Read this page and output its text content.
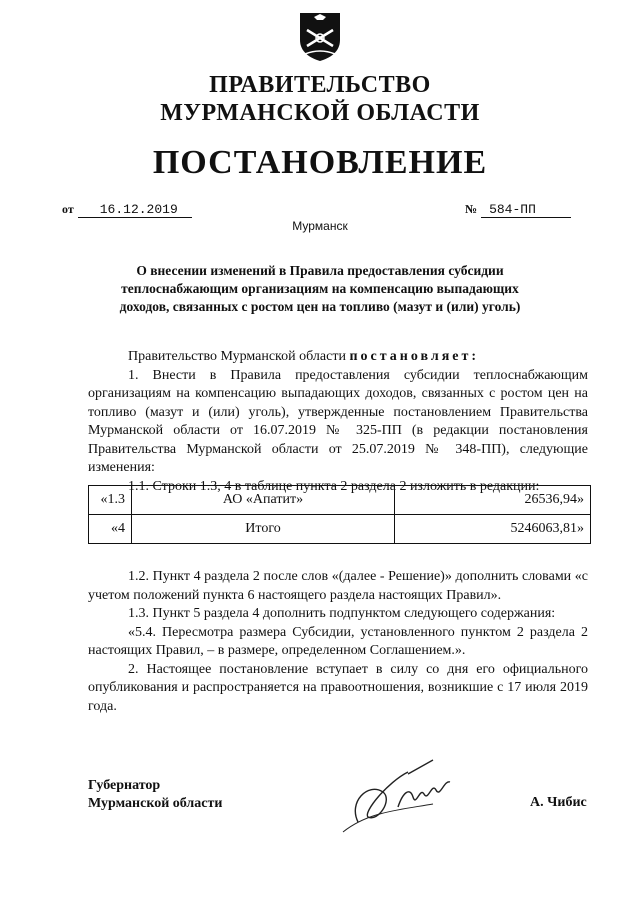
ПРАВИТЕЛЬСТВО
МУРМАНСКОЙ ОБЛАСТИ
ПОСТАНОВЛЕНИЕ
от 16.12.2019	№ 584-ПП
Мурманск
О внесении изменений в Правила предоставления субсидии
теплоснабжающим организациям на компенсацию выпадающих
доходов, связанных с ростом цен на топливо (мазут и (или) уголь)

Правительство Мурманской области постановляет:

1. Внести в Правила предоставления субсидии теплоснабжающим организациям на компенсацию выпадающих доходов, связанных с ростом цен на топливо (мазут и (или) уголь), утвержденные постановлением Правительства Мурманской области от 16.07.2019 № 325-ПП (в редакции постановления Правительства Мурманской области от 25.07.2019 № 348-ПП), следующие изменения:

1.1. Строки 1.3, 4 в таблице пункта 2 раздела 2 изложить в редакции:

«1.3	АО «Апатит»	26536,94»
«4	Итого	5246063,81»

1.2. Пункт 4 раздела 2 после слов «(далее - Решение)» дополнить словами «с учетом положений пункта 6 настоящего раздела настоящих Правил».

1.3. Пункт 5 раздела 4 дополнить подпунктом следующего содержания:

«5.4. Пересмотра размера Субсидии, установленного пунктом 2 раздела 2 настоящих Правил, – в размере, определенном Соглашением.».

2. Настоящее постановление вступает в силу со дня его официального опубликования и распространяется на правоотношения, возникшие с 17 июля 2019 года.

Губернатор
Мурманской области	А. Чибис
